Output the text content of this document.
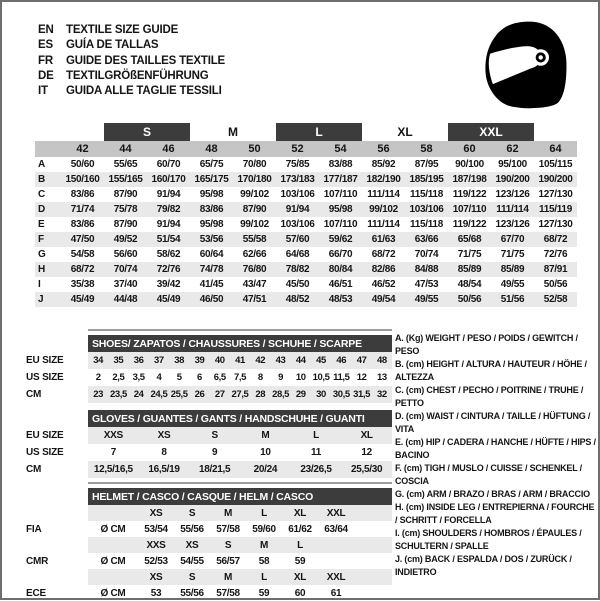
EN	TEXTILE SIZE GUIDE
ES	GUÍA DE TALLAS
FR	GUIDE DES TAILLES TEXTILE
DE	TEXTILGRÖßENFÜHRUNG
IT	GUIDA ALLE TAGLIE TESSILI
S	M	L	XL	XXL
42	44	46	48	50	52	54	56	58	60	62	64
A	50/60	55/65	60/70	65/75	70/80	75/85	83/88	85/92	87/95	90/100	95/100	105/115
B	150/160 155/165 160/170 165/175 170/180 173/183 177/187 182/190 185/195 187/198 190/200 190/200
C	83/86	87/90	91/94	95/98	99/102	103/106 107/110	111/114	115/118 119/122 123/126 127/130
D	71/74	75/78	79/82	83/86	87/90	91/94	95/98	99/102	103/106 107/110	111/114	115/119
E	83/86	87/90	91/94	95/98	99/102	103/106 107/110	111/114	115/118 119/122 123/126 127/130
F	47/50	49/52	51/54	53/56	55/58	57/60	59/62	61/63	63/66	65/68	67/70	68/72
G	54/58	56/60	58/62	60/64	62/66	64/68	66/70	68/72	70/74	71/75	71/75	72/76
H	68/72	70/74	72/76	74/78	76/80	78/82	80/84	82/86	84/88	85/89	85/89	87/91
I	35/38	37/40	39/42	41/45	43/47	45/50	46/51	46/52	47/53	48/54	49/55	50/56
J	45/49	44/48	45/49	46/50	47/51	48/52	48/53	49/54	49/55	50/56	51/56	52/58
SHOES/ ZAPATOS / CHAUSSURES / SCHUHE / SCARPE
EU SIZE	34	35	36	37	38	39	40	41	42	43	44	45	46	47	48
US SIZE	2	2,5 3,5	4	5	6	6,5 7,5	8	9	10 10,5 11,5 12	13
CM	23 23,5 24 24,5 25,5 26	27 27,5 28 28,5 29	30 30,5 31,5 32
GLOVES / GUANTES / GANTS / HANDSCHUHE / GUANTI
EU SIZE	XXS	XS	S	M	L	XL
US SIZE	7	8	9	10	11	12
CM	12,5/16,5	16,5/19	18/21,5	20/24	23/26,5	25,5/30
HELMET / CASCO / CASQUE / HELM / CASCO
XS	S	M	L	XL	XXL
FIA	Ø CM	53/54	55/56	57/58	59/60	61/62	63/64
XXS	XS	S	M	L
CMR	Ø CM	52/53	54/55	56/57	58	59
XS	S	M	L	XL	XXL
ECE	Ø CM	53	55/56	57/58	59	60	61
A. (Kg) WEIGHT / PESO / POIDS / GEWITCH / PESO
B. (cm) HEIGHT / ALTURA / HAUTEUR / HÖHE / ALTEZZA
C. (cm) CHEST / PECHO / POITRINE / TRUHE / PETTO
D. (cm) WAIST / CINTURA / TAILLE / HÜFTUNG / VITA
E. (cm) HIP / CADERA / HANCHE / HÜFTE / HIPS / BACINO
F. (cm) TIGH / MUSLO / CUISSE / SCHENKEL / COSCIA
G. (cm) ARM / BRAZO / BRAS / ARM / BRACCIO
H. (cm) INSIDE LEG / ENTREPIERNA / FOURCHE / SCHRITT / FORCELLA
I. (cm) SHOULDERS / HOMBROS / ÉPAULES / SCHULTERN / SPALLE
J. (cm) BACK / ESPALDA / DOS / ZURÜCK / INDIETRO
